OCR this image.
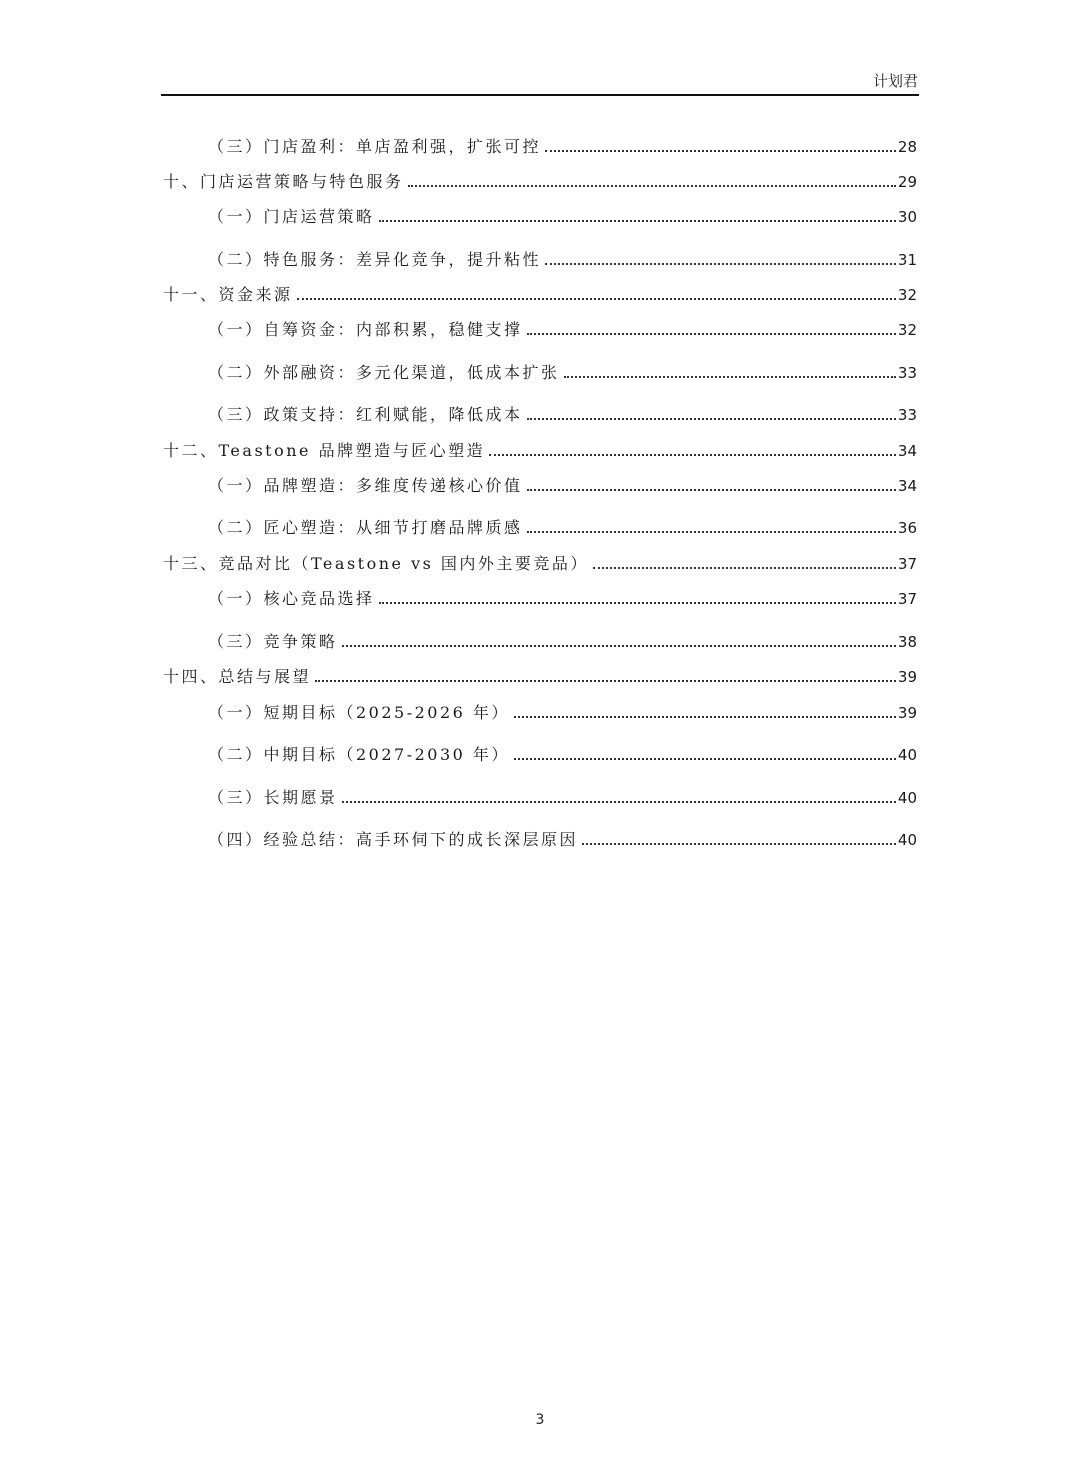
计划君
（三）门店盈利：单店盈利强，扩张可控	28
十、门店运营策略与特色服务	29
（一）门店运营策略	30
（二）特色服务：差异化竞争，提升粘性	31
十一、资金来源	32
（一）自筹资金：内部积累，稳健支撑	32
（二）外部融资：多元化渠道，低成本扩张	33
（三）政策支持：红利赋能，降低成本	33
十二、Teastone 品牌塑造与匠心塑造	34
（一）品牌塑造：多维度传递核心价值	34
（二）匠心塑造：从细节打磨品牌质感	36
十三、竞品对比（Teastone vs 国内外主要竞品）	37
（一）核心竞品选择	37
（三）竞争策略	38
十四、总结与展望	39
（一）短期目标（2025-2026 年）	39
（二）中期目标（2027-2030 年）	40
（三）长期愿景	40
（四）经验总结：高手环伺下的成长深层原因	40
3
